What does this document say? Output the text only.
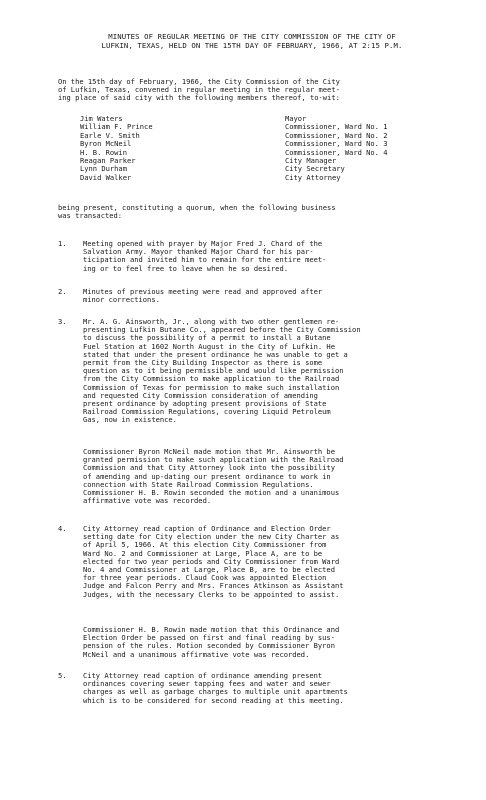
MINUTES OF REGULAR MEETING OF THE CITY COMMISSION OF THE CITY OF
LUFKIN, TEXAS, HELD ON THE 15TH DAY OF FEBRUARY, 1966, AT 2:15 P.M.
On the 15th day of February, 1966, the City Commission of the City
of Lufkin, Texas, convened in regular meeting in the regular meet-
ing place of said city with the following members thereof, to-wit:
Jim Waters	Mayor
William F. Prince	Commissioner, Ward No. 1
Earle V. Smith	Commissioner, Ward No. 2
Byron McNeil	Commissioner, Ward No. 3
H. B. Rowin	Commissioner, Ward No. 4
Reagan Parker	City Manager
Lynn Durham	City Secretary
David Walker	City Attorney
being present, constituting a quorum, when the following business
was transacted:
1. Meeting opened with prayer by Major Fred J. Chard of the
Salvation Army. Mayor thanked Major Chard for his par-
ticipation and invited him to remain for the entire meet-
ing or to feel free to leave when he so desired.
2. Minutes of previous meeting were read and approved after
minor corrections.
3. Mr. A. G. Ainsworth, Jr., along with two other gentlemen re-
presenting Lufkin Butane Co., appeared before the City Commission
to discuss the possibility of a permit to install a Butane
Fuel Station at 1602 North August in the City of Lufkin. He
stated that under the present ordinance he was unable to get a
permit from the City Building Inspector as there is some
question as to it being permissible and would like permission
from the City Commission to make application to the Railroad
Commission of Texas for permission to make such installation
and requested City Commission consideration of amending
present ordinance by adopting present provisions of State
Railroad Commission Regulations, covering Liquid Petroleum
Gas, now in existence.
Commissioner Byron McNeil made motion that Mr. Ainsworth be
granted permission to make such application with the Railroad
Commission and that City Attorney look into the possibility
of amending and up-dating our present ordinance to work in
connection with State Railroad Commission Regulations.
Commissioner H. B. Rowin seconded the motion and a unanimous
affirmative vote was recorded.
4. City Attorney read caption of Ordinance and Election Order
setting date for City election under the new City Charter as
of April 5, 1966. At this election City Commissioner from
Ward No. 2 and Commissioner at Large, Place A, are to be
elected for two year periods and City Commissioner from Ward
No. 4 and Commissioner at Large, Place B, are to be elected
for three year periods. Claud Cook was appointed Election
Judge and Falcon Perry and Mrs. Frances Atkinson as Assistant
Judges, with the necessary Clerks to be appointed to assist.
Commissioner H. B. Rowin made motion that this Ordinance and
Election Order be passed on first and final reading by sus-
pension of the rules. Motion seconded by Commissioner Byron
McNeil and a unanimous affirmative vote was recorded.
5. City Attorney read caption of ordinance amending present
ordinances covering sewer tapping fees and water and sewer
charges as well as garbage charges to multiple unit apartments
which is to be considered for second reading at this meeting.
